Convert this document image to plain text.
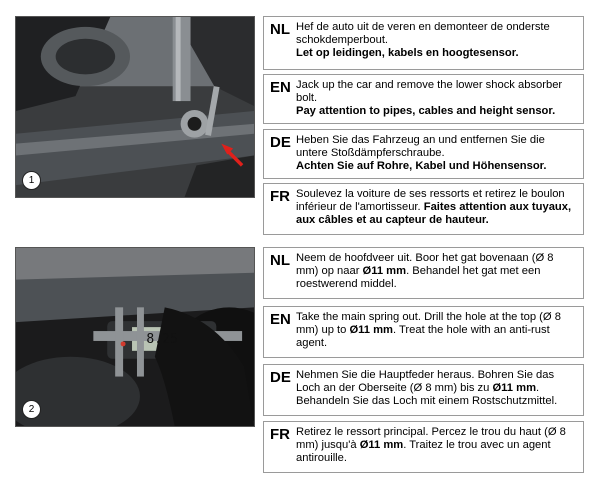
1
8.25
2
NL Hef de auto uit de veren en demonteer de onderste schokdemperbout.
Let op leidingen, kabels en hoogtesensor.
EN Jack up the car and remove the lower shock absorber bolt.
Pay attention to pipes, cables and height sensor.
DE Heben Sie das Fahrzeug an und entfernen Sie die untere Stoßdämpferschraube.
Achten Sie auf Rohre, Kabel und Höhensensor.
FR Soulevez la voiture de ses ressorts et retirez le boulon inférieur de l'amortisseur. Faites attention aux tuyaux, aux câbles et au capteur de hauteur.
NL Neem de hoofdveer uit. Boor het gat bovenaan (Ø 8 mm) op naar Ø11 mm. Behandel het gat met een roestwerend middel.
EN Take the main spring out. Drill the hole at the top (Ø 8 mm) up to Ø11 mm. Treat the hole with an anti-rust agent.
DE Nehmen Sie die Hauptfeder heraus. Bohren Sie das Loch an der Oberseite (Ø 8 mm) bis zu Ø11 mm. Behandeln Sie das Loch mit einem Rostschutzmittel.
FR Retirez le ressort principal. Percez le trou du haut (Ø 8 mm) jusqu'à Ø11 mm. Traitez le trou avec un agent antirouille.
